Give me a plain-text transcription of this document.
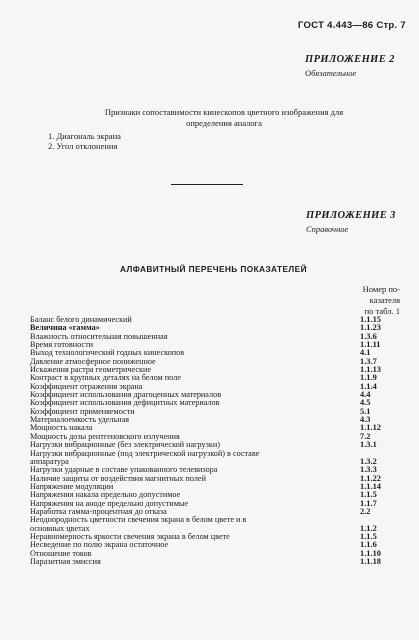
ГОСТ 4.443—86 Стр. 7
ПРИЛОЖЕНИЕ 2
Обязательное
Признаки сопоставимости кинескопов цветного изображения для
определения аналога
1. Диагональ экрана
2. Угол отклонения
ПРИЛОЖЕНИЕ 3
Справочное
АЛФАВИТНЫЙ ПЕРЕЧЕНЬ ПОКАЗАТЕЛЕЙ
Номер по-
казателя
по табл. 1
Баланс белого динамический	1.1.15
Величина «гамма»	1.1.23
Влажность относительная повышенная	1.3.6
Время готовности	1.1.11
Выход технологический годных кинескопов	4.1
Давление атмосферное пониженное	1.3.7
Искажения растра геометрические	1.1.13
Контраст в крупных деталях на белом поле	1.1.9
Коэффициент отражения экрана	1.1.4
Коэффициент использования драгоценных материалов	4.4
Коэффициент использования дефицитных материалов	4.5
Коэффициент применяемости	5.1
Материалоемкость удельная	4.3
Мощность накала	1.1.12
Мощность дозы рентгеновского излучения	7.2
Нагрузки вибрационные (без электрической нагрузки)	1.3.1
Нагрузки вибрационные (под электрической нагрузкой) в составе
аппаратура	1.3.2
Нагрузки ударные в составе упакованного телевизора	1.3.3
Наличие защиты от воздействия магнитных полей	1.1.22
Напряжение модуляции	1.1.14
Напряжения накала предельно допустимое	1.1.5
Напряжения на аноде предельно допустимые	1.1.7
Наработка гамма-процентная до отказа	2.2
Неоднородность цветности свечения экрана в белом цвете и в
основных цветах	1.1.2
Неравномерность яркости свечения экрана в белом цвете	1.1.5
Несведение по полю экрана остаточное	1.1.6
Отношение токов	1.1.10
Паразитная эмиссия	1.1.18
